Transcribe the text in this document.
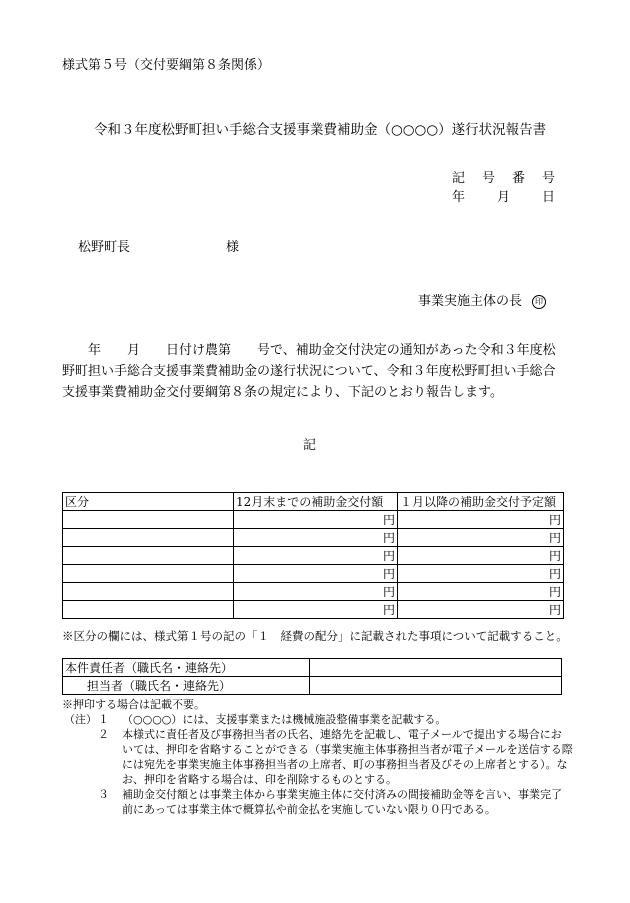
様式第５号（交付要綱第８条関係）
令和３年度松野町担い手総合支援事業費補助金（○○○○）遂行状況報告書
記 号 番 号
年 月 日
松野町長	様
事業実施主体の長 印
　　年　　月　　日付け農第　　号で、補助金交付決定の通知があった令和３年度松野町担い手総合支援事業費補助金の遂行状況について、令和３年度松野町担い手総合支援事業費補助金交付要綱第８条の規定により、下記のとおり報告します。
記
区分	12月末までの補助金交付額	１月以降の補助金交付予定額
	円	円
	円	円
	円	円
	円	円
	円	円
	円	円
※区分の欄には、様式第１号の記の「１　経費の配分」に記載された事項について記載すること。
本件責任者（職氏名・連絡先）	
担当者（職氏名・連絡先）	
※押印する場合は記載不要。
（注）１ （○○○○）には、支援事業または機械施設整備事業を記載する。
２ 本様式に責任者及び事務担当者の氏名、連絡先を記載し、電子メールで提出する場合にお
いては、押印を省略することができる（事業実施主体事務担当者が電子メールを送信する際
には宛先を事業実施主体事務担当者の上席者、町の事務担当者及びその上席者とする）。な
お、押印を省略する場合は、印を削除するものとする。
３ 補助金交付額とは事業主体から事業実施主体に交付済みの間接補助金等を言い、事業完了
前にあっては事業主体で概算払や前金払を実施していない限り０円である。
